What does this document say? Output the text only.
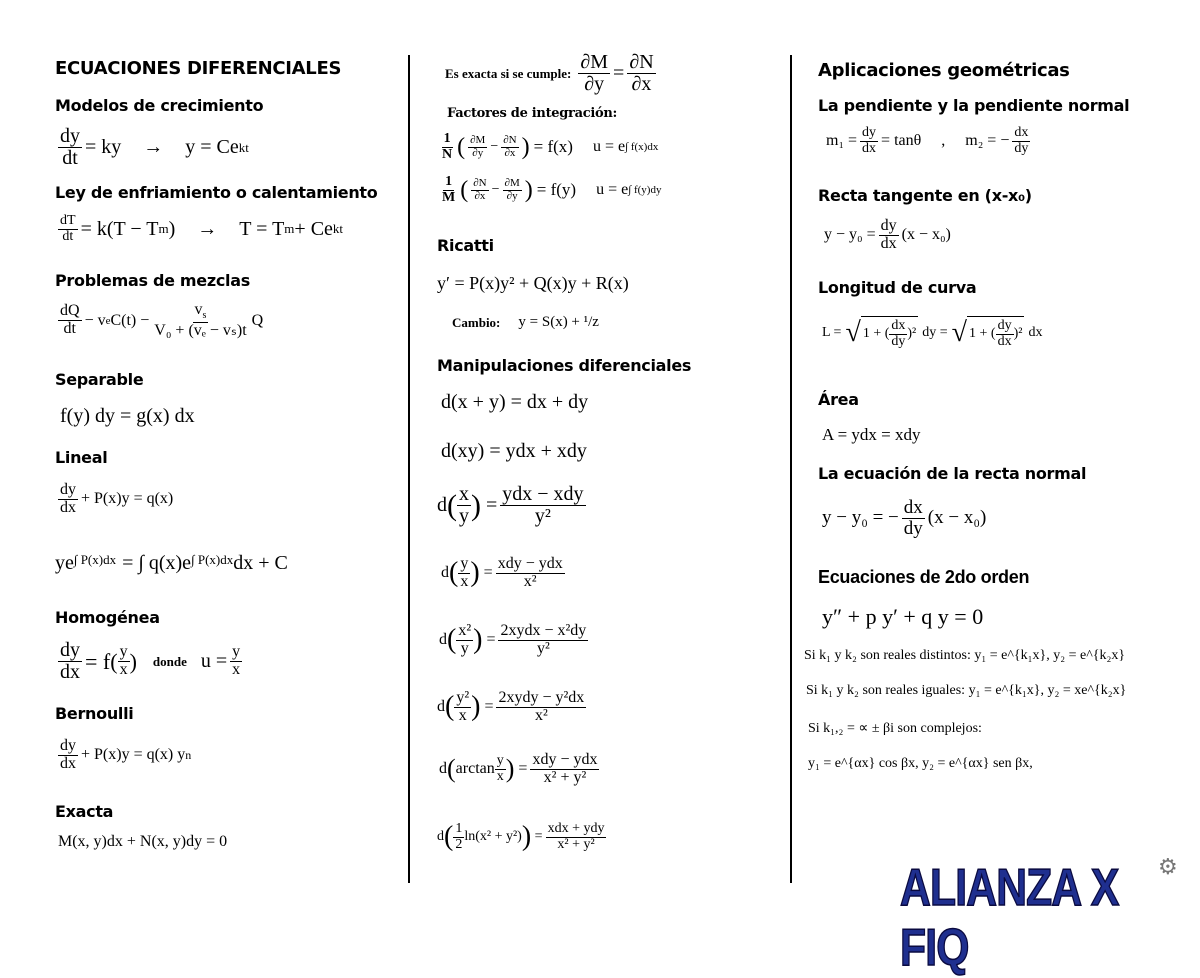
ECUACIONES DIFERENCIALES
Modelos de crecimiento
$\frac{dy}{dt}$ = ky → y = Ce kt
Ley de enfriamiento o calentamiento
$\frac{dT}{dt} = k(T - T$ m ) → T = T m + Ce kt
Problemas de mezclas
$\frac{dQ}{dt} - v$ e $C(t) - \frac{v_s}{\text{V₀ + (vₑ − vₛ)t}}$ Q
Separable
f(y) dy = g(x) dx
Lineal
$\frac{dy}{dx} + P(x)y = q(x)$
$ye^{\int P(x)dx}$ = ∫ $q(x)e^{\int P(x)dx}$ dx + C
Homogénea
$\frac{dy}{dx} = f( \frac{y}{x}$ ) donde $u = \frac{y}{x}$
Bernoulli
$\frac{dy}{dx} + P(x)y = q(x)$ y n
Exacta
M(x, y)dx + N(x, y)dy = 0
Es exacta si se cumple: $\frac{\partial M}{\partial y} = \frac{\partial N}{\partial x}$
Factores de integración:
$\frac{1}{N}$ ( $\frac{\partial M}{\partial y} - \frac{\partial N}{\partial x}$ ) = f(x) u = e ∫ f(x)dx
$\frac{1}{M}$ ( $\frac{\partial N}{\partial x} - \frac{\partial M}{\partial y}$ ) = f(y) u = e ∫ f(y)dy
Ricatti
y′ = P(x)y² + Q(x)y + R(x)
Cambio: y = S(x) + ¹/z
Manipulaciones diferenciales
d(x + y) = dx + dy
d(xy) = ydx + xdy
d ( $\frac{x}{y}$ ) = $\frac{\text{ydx − xdy}}{\text{y²}}$
d ( $\frac{y}{x}$ ) = $\frac{\text{xdy − ydx}}{\text{x²}}$
d ( $\frac{\text{x²}}{y}$ ) = $\frac{\text{2xydx − x²dy}}{\text{y²}}$
d ( $\frac{\text{y²}}{x}$ ) = $\frac{\text{2xydy − y²dx}}{\text{x²}}$
d ( $\arctan \frac{y}{x}$ ) = $\frac{\text{xdy − ydx}}{\text{x² + y²}}$
d ( $\frac{1}{2} \ln(x^2 + y^2)$ ) = $\frac{\text{xdx + ydy}}{\text{x² + y²}}$
Aplicaciones geométricas
La pendiente y la pendiente normal
$m_1 = \frac{dy}{dx} = \tan\theta$ , m₂ = − $\frac{dx}{dy}$
Recta tangente en (x-x₀)
$y - y_0 = \frac{dy}{dx} (x - x_0)$
Longitud de curva
L = √ 1 + ( $\frac{dx}{dy} )^2$ dy = √ 1 + ( $\frac{dy}{dx} )^2$ dx
Área
A = ydx = xdy
La ecuación de la recta normal
y − y₀ = − $\frac{dx}{dy} (x - x_0)$
Ecuaciones de 2do orden
y″ + p y′ + q y = 0
Si k₁ y k₂ son reales distintos: y₁ = e^{k₁x}, y₂ = e^{k₂x}
Si k₁ y k₂ son reales iguales: y₁ = e^{k₁x}, y₂ = xe^{k₂x}
Si k₁,₂ = ∝ ± βi son complejos:
y₁ = e^{αx} cos βx, y₂ = e^{αx} sen βx,
ALIANZA X FIQ
⚙
